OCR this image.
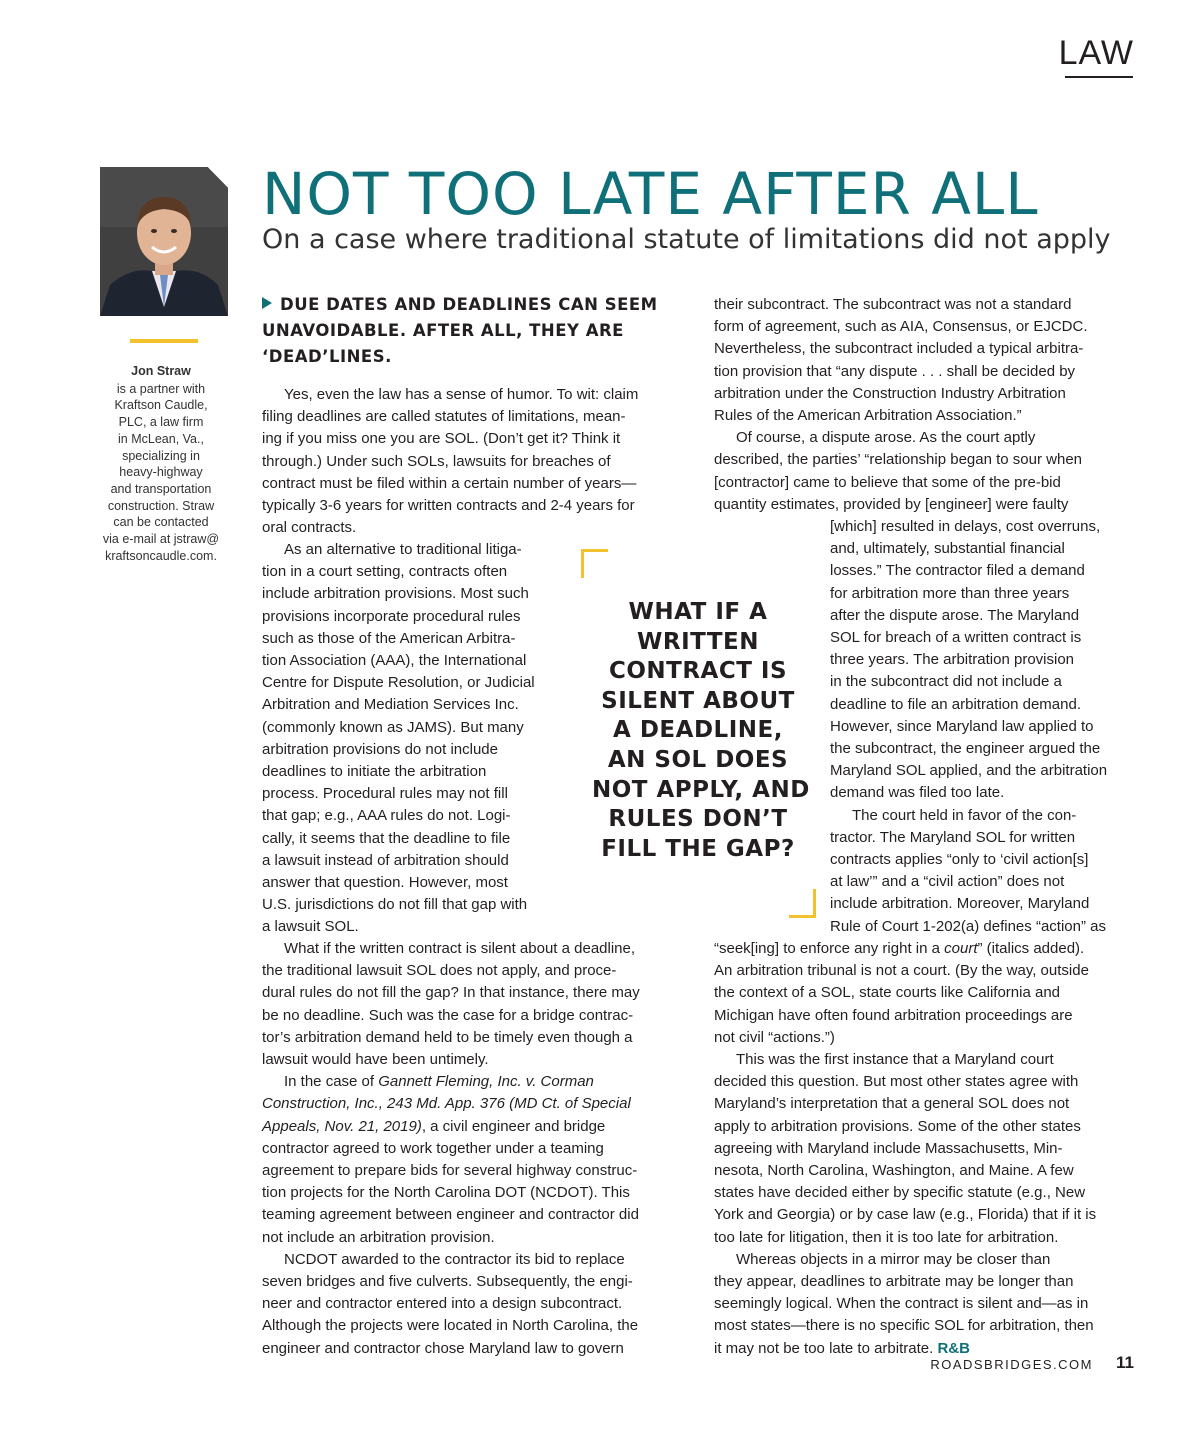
LAW
NOT TOO LATE AFTER ALL
On a case where traditional statute of limitations did not apply
Jon Straw
is a partner with
Kraftson Caudle,
PLC, a law firm
in McLean, Va.,
specializing in
heavy-highway
and transportation
construction. Straw
can be contacted
via e-mail at jstraw@
kraftsoncaudle.com.
DUE DATES AND DEADLINES CAN SEEM
UNAVOIDABLE. AFTER ALL, THEY ARE
‘DEAD’LINES.
Yes, even the law has a sense of humor. To wit: claim
filing deadlines are called statutes of limitations, mean-
ing if you miss one you are SOL. (Don’t get it? Think it
through.) Under such SOLs, lawsuits for breaches of
contract must be filed within a certain number of years—
typically 3-6 years for written contracts and 2-4 years for
oral contracts.
As an alternative to traditional litiga-
tion in a court setting, contracts often
include arbitration provisions. Most such
provisions incorporate procedural rules
such as those of the American Arbitra-
tion Association (AAA), the International
Centre for Dispute Resolution, or Judicial
Arbitration and Mediation Services Inc.
(commonly known as JAMS). But many
arbitration provisions do not include
deadlines to initiate the arbitration
process. Procedural rules may not fill
that gap; e.g., AAA rules do not. Logi-
cally, it seems that the deadline to file
a lawsuit instead of arbitration should
answer that question. However, most
U.S. jurisdictions do not fill that gap with
a lawsuit SOL.
What if the written contract is silent about a deadline,
the traditional lawsuit SOL does not apply, and proce-
dural rules do not fill the gap? In that instance, there may
be no deadline. Such was the case for a bridge contrac-
tor’s arbitration demand held to be timely even though a
lawsuit would have been untimely.
In the case of Gannett Fleming, Inc. v. Corman
Construction, Inc., 243 Md. App. 376 (MD Ct. of Special
Appeals, Nov. 21, 2019), a civil engineer and bridge
contractor agreed to work together under a teaming
agreement to prepare bids for several highway construc-
tion projects for the North Carolina DOT (NCDOT). This
teaming agreement between engineer and contractor did
not include an arbitration provision.
NCDOT awarded to the contractor its bid to replace
seven bridges and five culverts. Subsequently, the engi-
neer and contractor entered into a design subcontract.
Although the projects were located in North Carolina, the
engineer and contractor chose Maryland law to govern
WHAT IF A
WRITTEN
CONTRACT IS
SILENT ABOUT
A DEADLINE,
AN SOL DOES
NOT APPLY, AND
RULES DON’T
FILL THE GAP?
their subcontract. The subcontract was not a standard
form of agreement, such as AIA, Consensus, or EJCDC.
Nevertheless, the subcontract included a typical arbitra-
tion provision that “any dispute . . . shall be decided by
arbitration under the Construction Industry Arbitration
Rules of the American Arbitration Association.”
Of course, a dispute arose. As the court aptly
described, the parties’ “relationship began to sour when
[contractor] came to believe that some of the pre-bid
quantity estimates, provided by [engineer] were faulty
[which] resulted in delays, cost overruns,
and, ultimately, substantial financial
losses.” The contractor filed a demand
for arbitration more than three years
after the dispute arose. The Maryland
SOL for breach of a written contract is
three years. The arbitration provision
in the subcontract did not include a
deadline to file an arbitration demand.
However, since Maryland law applied to
the subcontract, the engineer argued the
Maryland SOL applied, and the arbitration
demand was filed too late.
The court held in favor of the con-
tractor. The Maryland SOL for written
contracts applies “only to ‘civil action[s]
at law’” and a “civil action” does not
include arbitration. Moreover, Maryland
Rule of Court 1-202(a) defines “action” as
“seek[ing] to enforce any right in a court” (italics added).
An arbitration tribunal is not a court. (By the way, outside
the context of a SOL, state courts like California and
Michigan have often found arbitration proceedings are
not civil “actions.”)
This was the first instance that a Maryland court
decided this question. But most other states agree with
Maryland’s interpretation that a general SOL does not
apply to arbitration provisions. Some of the other states
agreeing with Maryland include Massachusetts, Min-
nesota, North Carolina, Washington, and Maine. A few
states have decided either by specific statute (e.g., New
York and Georgia) or by case law (e.g., Florida) that if it is
too late for litigation, then it is too late for arbitration.
Whereas objects in a mirror may be closer than
they appear, deadlines to arbitrate may be longer than
seemingly logical. When the contract is silent and—as in
most states—there is no specific SOL for arbitration, then
it may not be too late to arbitrate. R&B
ROADSBRIDGES.COM 11
